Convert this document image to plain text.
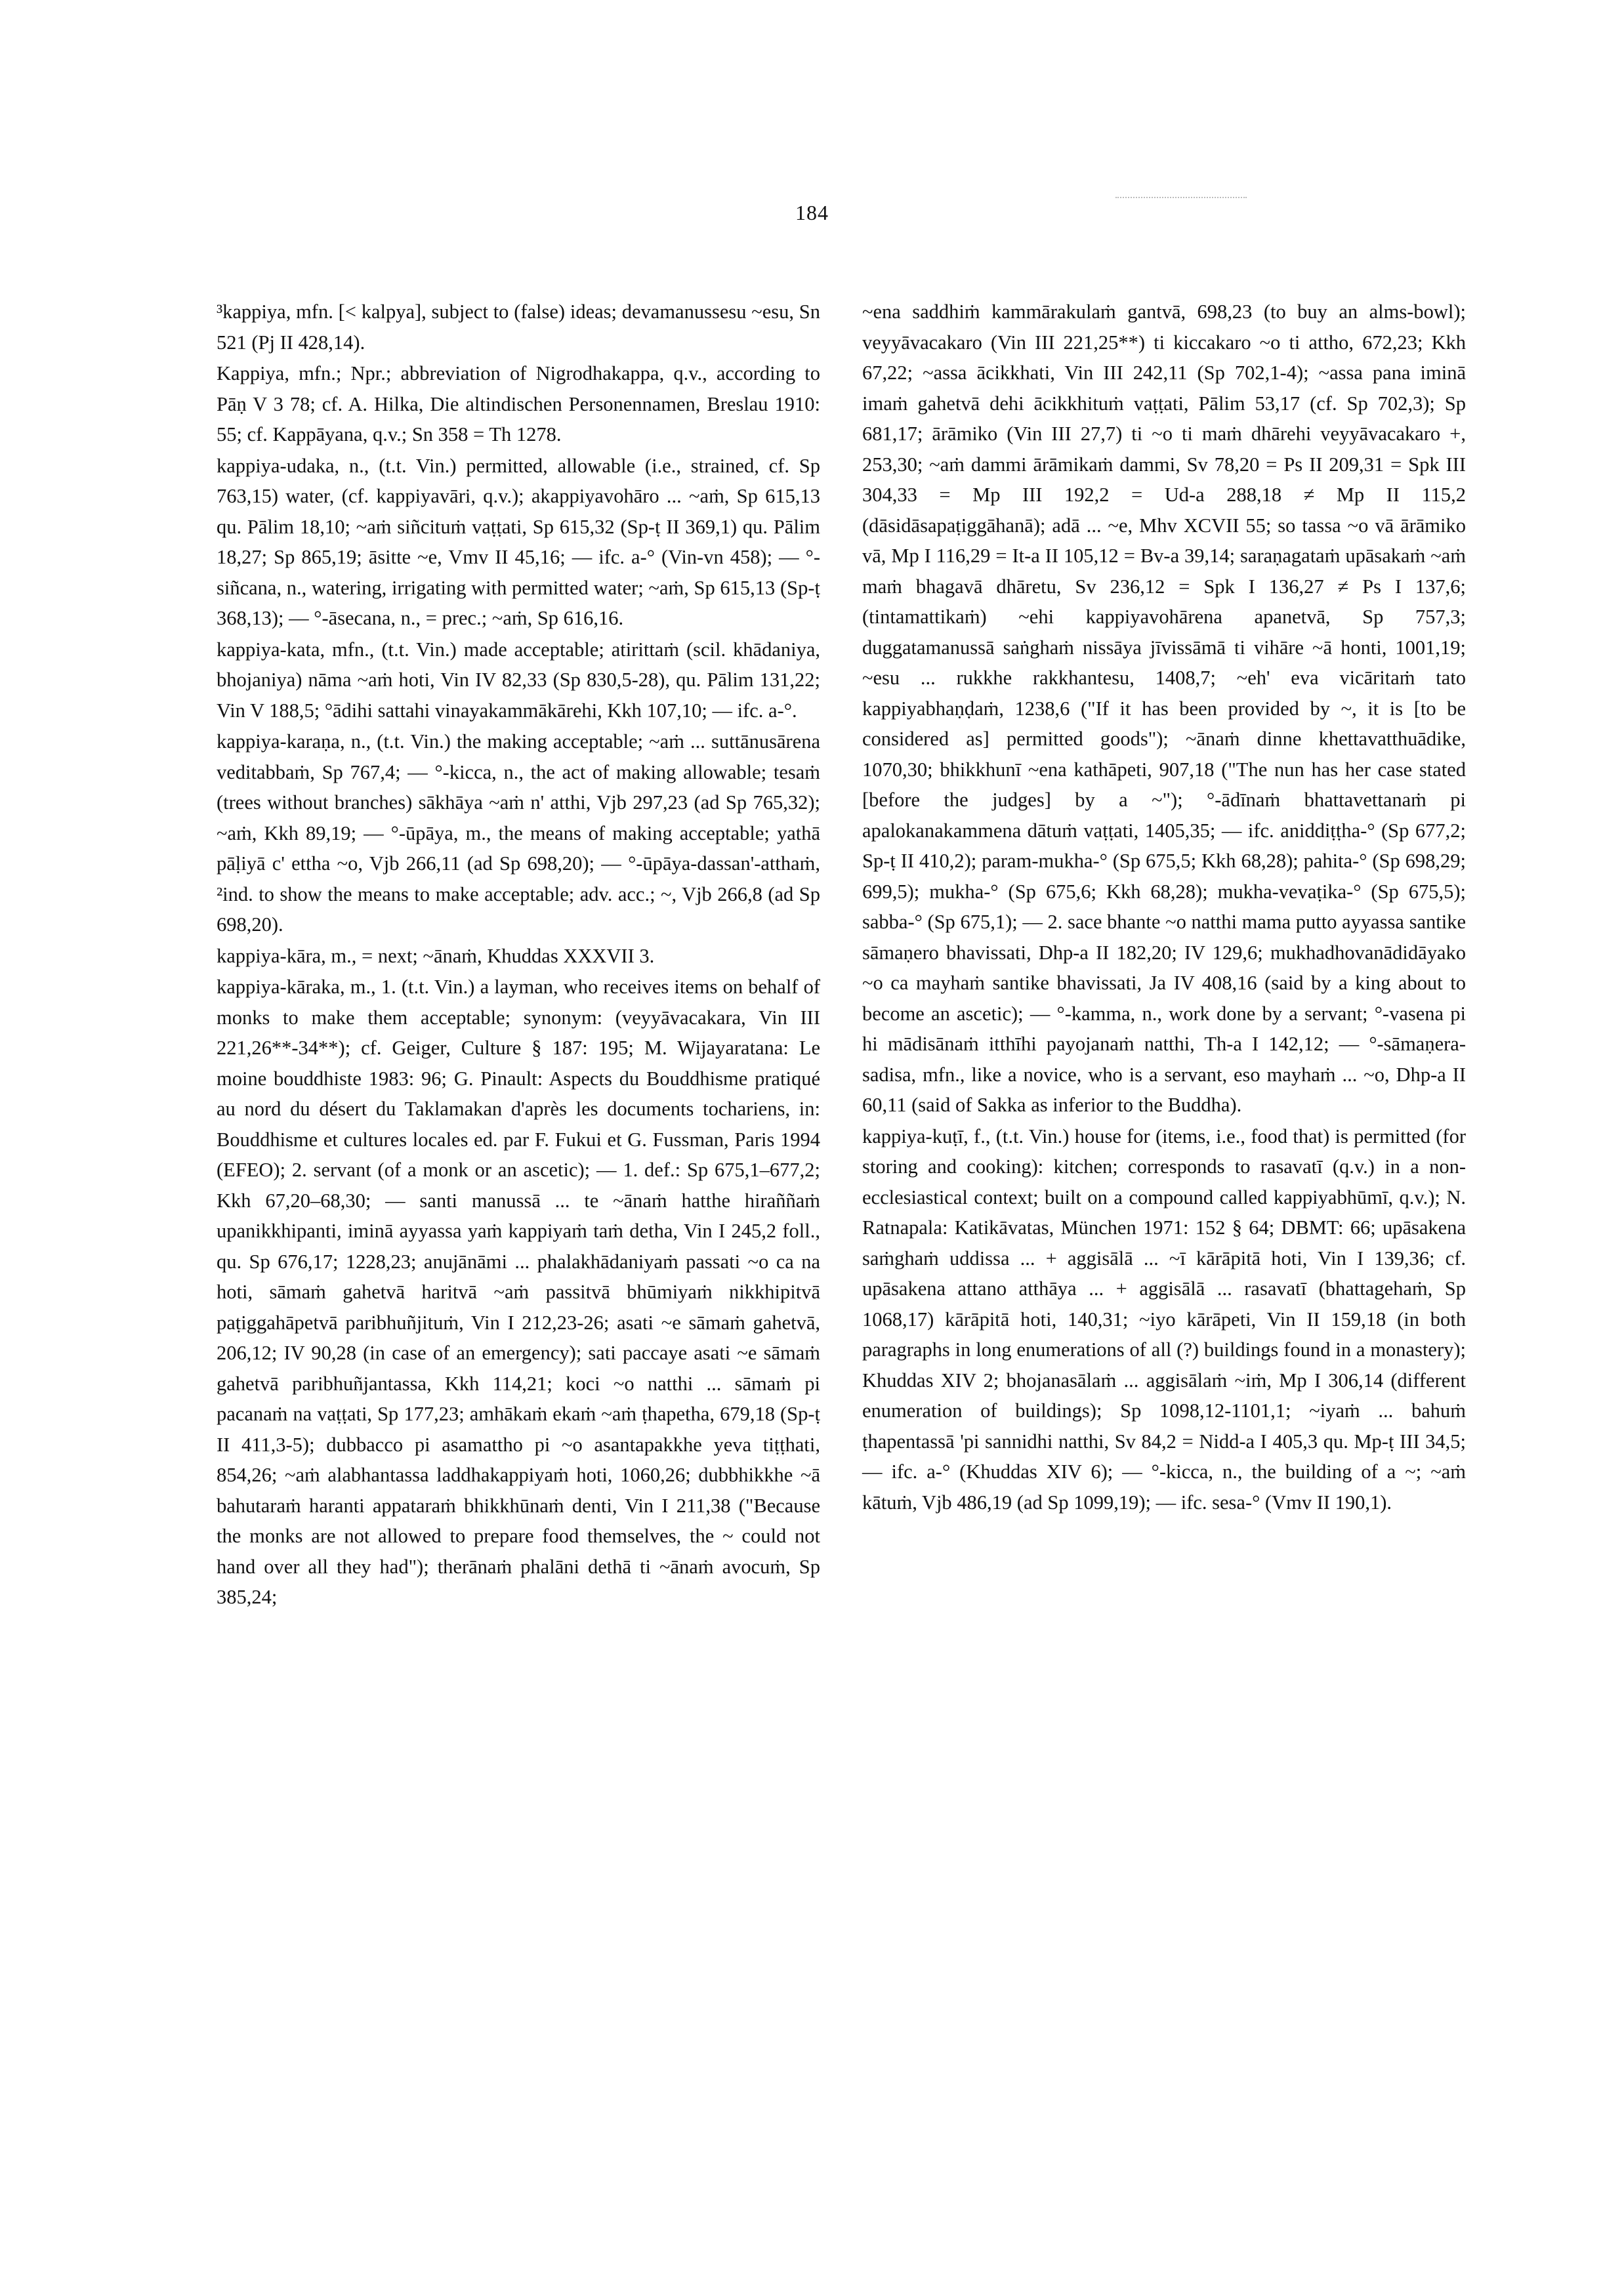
184

³kappiya, mfn. [< kalpya], subject to (false) ideas; devamanussesu ~esu, Sn 521 (Pj II 428,14).

Kappiya, mfn.; Npr.; abbreviation of Nigrodhakappa, q.v., according to Pāṇ V 3 78; cf. A. Hilka, Die altindischen Personennamen, Breslau 1910: 55; cf. Kappāyana, q.v.; Sn 358 = Th 1278.

kappiya-udaka, n., (t.t. Vin.) permitted, allowable (i.e., strained, cf. Sp 763,15) water, (cf. kappiyavāri, q.v.); akappiyavohāro ... ~aṁ, Sp 615,13 qu. Pālim 18,10; ~aṁ siñcituṁ vaṭṭati, Sp 615,32 (Sp-ṭ II 369,1) qu. Pālim 18,27; Sp 865,19; āsitte ~e, Vmv II 45,16; — ifc. a-° (Vin-vn 458); — °-siñcana, n., watering, irrigating with permitted water; ~aṁ, Sp 615,13 (Sp-ṭ 368,13); — °-āsecana, n., = prec.; ~aṁ, Sp 616,16.

kappiya-kata, mfn., (t.t. Vin.) made acceptable; atirittaṁ (scil. khādaniya, bhojaniya) nāma ~aṁ hoti, Vin IV 82,33 (Sp 830,5-28), qu. Pālim 131,22; Vin V 188,5; °ādihi sattahi vinayakammākārehi, Kkh 107,10; — ifc. a-°.

kappiya-karaṇa, n., (t.t. Vin.) the making acceptable; ~aṁ ... suttānusārena veditabbaṁ, Sp 767,4; — °-kicca, n., the act of making allowable; tesaṁ (trees without branches) sākhāya ~aṁ n' atthi, Vjb 297,23 (ad Sp 765,32); ~aṁ, Kkh 89,19; — °-ūpāya, m., the means of making acceptable; yathā pāḷiyā c' ettha ~o, Vjb 266,11 (ad Sp 698,20); — °-ūpāya-dassan'-atthaṁ, ²ind. to show the means to make acceptable; adv. acc.; ~, Vjb 266,8 (ad Sp 698,20).

kappiya-kāra, m., = next; ~ānaṁ, Khuddas XXXVII 3.

kappiya-kāraka, m., 1. (t.t. Vin.) a layman, who receives items on behalf of monks to make them acceptable; synonym: (veyyāvacakara, Vin III 221,26**-34**); cf. Geiger, Culture § 187: 195; M. Wijayaratana: Le moine bouddhiste 1983: 96; G. Pinault: Aspects du Bouddhisme pratiqué au nord du désert du Taklamakan d'après les documents tochariens, in: Bouddhisme et cultures locales ed. par F. Fukui et G. Fussman, Paris 1994 (EFEO); 2. servant (of a monk or an ascetic); — 1. def.: Sp 675,1–677,2; Kkh 67,20–68,30; — santi manussā ... te ~ānaṁ hatthe hiraññaṁ upanikkhipanti, iminā ayyassa yaṁ kappiyaṁ taṁ detha, Vin I 245,2 foll., qu. Sp 676,17; 1228,23; anujānāmi ... phalakhādaniyaṁ passati ~o ca na hoti, sāmaṁ gahetvā haritvā ~aṁ passitvā bhūmiyaṁ nikkhipitvā paṭiggahāpetvā paribhuñjituṁ, Vin I 212,23-26; asati ~e sāmaṁ gahetvā, 206,12; IV 90,28 (in case of an emergency); sati paccaye asati ~e sāmaṁ gahetvā paribhuñjantassa, Kkh 114,21; koci ~o natthi ... sāmaṁ pi pacanaṁ na vaṭṭati, Sp 177,23; amhākaṁ ekaṁ ~aṁ ṭhapetha, 679,18 (Sp-ṭ II 411,3-5); dubbacco pi asamattho pi ~o asantapakkhe yeva tiṭṭhati, 854,26; ~aṁ alabhantassa laddhakappiyaṁ hoti, 1060,26; dubbhikkhe ~ā bahutaraṁ haranti appataraṁ bhikkhūnaṁ denti, Vin I 211,38 ("Because the monks are not allowed to prepare food themselves, the ~ could not hand over all they had"); therānaṁ phalāni dethā ti ~ānaṁ avocuṁ, Sp 385,24;

~ena saddhiṁ kammārakulaṁ gantvā, 698,23 (to buy an alms-bowl); veyyāvacakaro (Vin III 221,25**) ti kiccakaro ~o ti attho, 672,23; Kkh 67,22; ~assa ācikkhati, Vin III 242,11 (Sp 702,1-4); ~assa pana iminā imaṁ gahetvā dehi ācikkhituṁ vaṭṭati, Pālim 53,17 (cf. Sp 702,3); Sp 681,17; ārāmiko (Vin III 27,7) ti ~o ti maṁ dhārehi veyyāvacakaro +, 253,30; ~aṁ dammi ārāmikaṁ dammi, Sv 78,20 = Ps II 209,31 = Spk III 304,33 = Mp III 192,2 = Ud-a 288,18 ≠ Mp II 115,2 (dāsidāsapaṭiggāhanā); adā ... ~e, Mhv XCVII 55; so tassa ~o vā ārāmiko vā, Mp I 116,29 = It-a II 105,12 = Bv-a 39,14; saraṇagataṁ upāsakaṁ ~aṁ maṁ bhagavā dhāretu, Sv 236,12 = Spk I 136,27 ≠ Ps I 137,6; (tintamattikaṁ) ~ehi kappiyavohārena apanetvā, Sp 757,3; duggatamanussā saṅghaṁ nissāya jīvissāmā ti vihāre ~ā honti, 1001,19; ~esu ... rukkhe rakkhantesu, 1408,7; ~eh' eva vicāritaṁ tato kappiyabhaṇḍaṁ, 1238,6 ("If it has been provided by ~, it is [to be considered as] permitted goods"); ~ānaṁ dinne khettavatthuādike, 1070,30; bhikkhunī ~ena kathāpeti, 907,18 ("The nun has her case stated [before the judges] by a ~"); °-ādīnaṁ bhattavettanaṁ pi apalokanakammena dātuṁ vaṭṭati, 1405,35; — ifc. aniddiṭṭha-° (Sp 677,2; Sp-ṭ II 410,2); param-mukha-° (Sp 675,5; Kkh 68,28); pahita-° (Sp 698,29; 699,5); mukha-° (Sp 675,6; Kkh 68,28); mukha-vevaṭika-° (Sp 675,5); sabba-° (Sp 675,1); — 2. sace bhante ~o natthi mama putto ayyassa santike sāmaṇero bhavissati, Dhp-a II 182,20; IV 129,6; mukhadhovanādidāyako ~o ca mayhaṁ santike bhavissati, Ja IV 408,16 (said by a king about to become an ascetic); — °-kamma, n., work done by a servant; °-vasena pi hi mādisānaṁ itthīhi payojanaṁ natthi, Th-a I 142,12; — °-sāmaṇera-sadisa, mfn., like a novice, who is a servant, eso mayhaṁ ... ~o, Dhp-a II 60,11 (said of Sakka as inferior to the Buddha).

kappiya-kuṭī, f., (t.t. Vin.) house for (items, i.e., food that) is permitted (for storing and cooking): kitchen; corresponds to rasavatī (q.v.) in a non-ecclesiastical context; built on a compound called kappiyabhūmī, q.v.); N. Ratnapala: Katikāvatas, München 1971: 152 § 64; DBMT: 66; upāsakena saṁghaṁ uddissa ... + aggisālā ... ~ī kārāpitā hoti, Vin I 139,36; cf. upāsakena attano atthāya ... + aggisālā ... rasavatī (bhattagehaṁ, Sp 1068,17) kārāpitā hoti, 140,31; ~iyo kārāpeti, Vin II 159,18 (in both paragraphs in long enumerations of all (?) buildings found in a monastery); Khuddas XIV 2; bhojanasālaṁ ... aggisālaṁ ~iṁ, Mp I 306,14 (different enumeration of buildings); Sp 1098,12-1101,1; ~iyaṁ ... bahuṁ ṭhapentassā 'pi sannidhi natthi, Sv 84,2 = Nidd-a I 405,3 qu. Mp-ṭ III 34,5; — ifc. a-° (Khuddas XIV 6); — °-kicca, n., the building of a ~; ~aṁ kātuṁ, Vjb 486,19 (ad Sp 1099,19); — ifc. sesa-° (Vmv II 190,1).
